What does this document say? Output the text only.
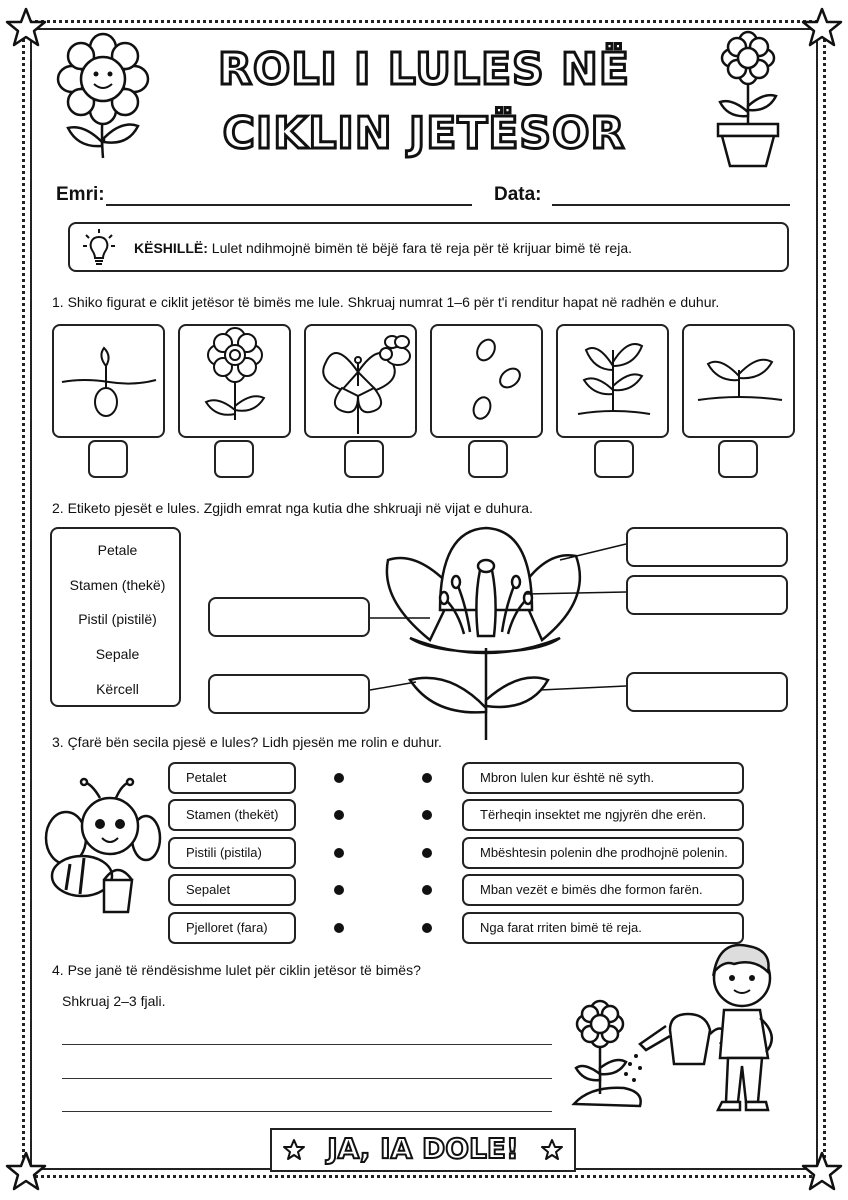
ROLI I LULES NË
CIKLIN JETËSOR
Emri:	Data:
KËSHILLË: Lulet ndihmojnë bimën të bëjë fara të reja për të krijuar bimë të reja.
1. Shiko figurat e ciklit jetësor të bimës me lule. Shkruaj numrat 1–6 për t'i renditur hapat në radhën e duhur.
2. Etiketo pjesët e lules. Zgjidh emrat nga kutia dhe shkruaji në vijat e duhura.
Petale
Stamen (thekë)
Pistil (pistilë)
Sepale
Kërcell
3. Çfarë bën secila pjesë e lules? Lidh pjesën me rolin e duhur.
Petalet
Stamen (thekët)
Pistili (pistila)
Sepalet
Pjelloret (fara)
Mbron lulen kur është në syth.
Tërheqin insektet me ngjyrën dhe erën.
Mbështesin polenin dhe prodhojnë polenin.
Mban vezët e bimës dhe formon farën.
Nga farat rriten bimë të reja.
4. Pse janë të rëndësishme lulet për ciklin jetësor të bimës?
Shkruaj 2–3 fjali.
JA, IA DOLE!
